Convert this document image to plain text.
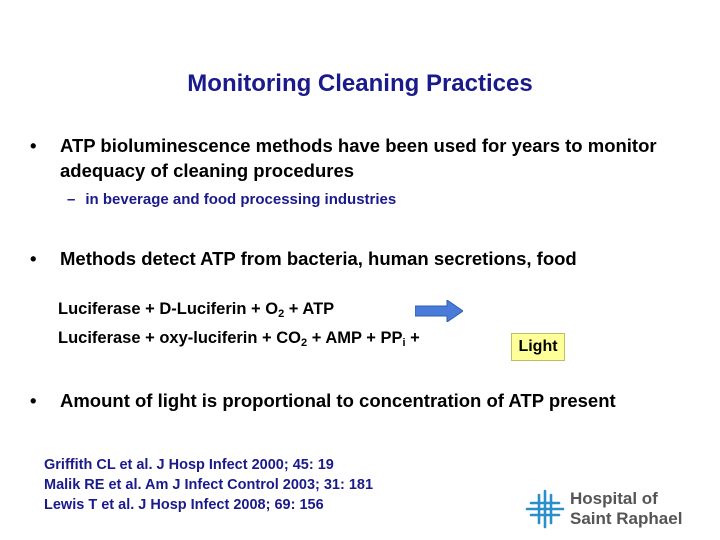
Monitoring Cleaning Practices
• ATP bioluminescence methods have been used for years to monitor adequacy of cleaning procedures
– in beverage and food processing industries
• Methods detect ATP from bacteria, human secretions, food
Luciferase + D-Luciferin + $O_2$ + ATP
Luciferase + oxy-luciferin + $CO_2$ + AMP + $PP_i$ +	Light
• Amount of light is proportional to concentration of ATP present
Griffith CL et al. J Hosp Infect 2000; 45: 19
Malik RE et al. Am J Infect Control 2003; 31: 181
Lewis T et al. J Hosp Infect 2008; 69: 156	Hospital of
Saint Raphael
